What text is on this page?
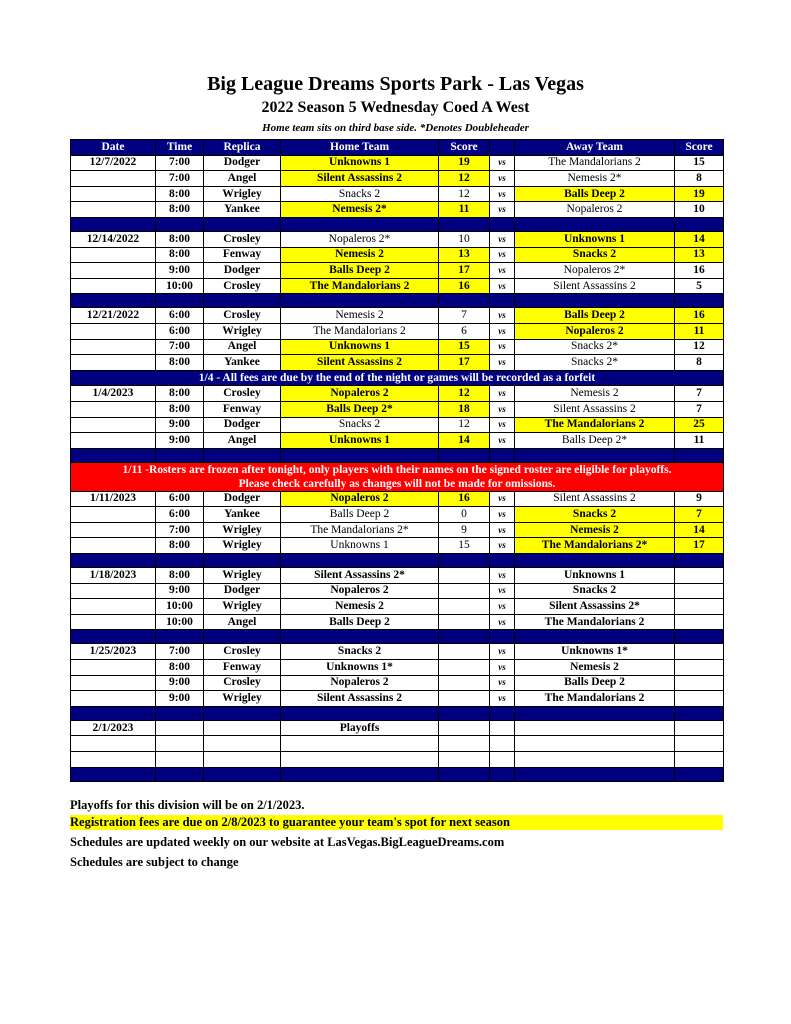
Big League Dreams Sports Park - Las Vegas
2022 Season 5 Wednesday Coed A West
Home team sits on third base side. *Denotes Doubleheader
Date	Time	Replica	Home Team	Score		Away Team	Score
12/7/2022	7:00	Dodger	Unknowns 1	19	vs	The Mandalorians 2	15
	7:00	Angel	Silent Assassins 2	12	vs	Nemesis 2*	8
	8:00	Wrigley	Snacks 2	12	vs	Balls Deep 2	19
	8:00	Yankee	Nemesis 2*	11	vs	Nopaleros 2	10

12/14/2022	8:00	Crosley	Nopaleros 2*	10	vs	Unknowns 1	14
	8:00	Fenway	Nemesis 2	13	vs	Snacks 2	13
	9:00	Dodger	Balls Deep 2	17	vs	Nopaleros 2*	16
	10:00	Crosley	The Mandalorians 2	16	vs	Silent Assassins 2	5

12/21/2022	6:00	Crosley	Nemesis 2	7	vs	Balls Deep 2	16
	6:00	Wrigley	The Mandalorians 2	6	vs	Nopaleros 2	11
	7:00	Angel	Unknowns 1	15	vs	Snacks 2*	12
	8:00	Yankee	Silent Assassins 2	17	vs	Snacks 2*	8
1/4 - All fees are due by the end of the night or games will be recorded as a forfeit							
1/4/2023	8:00	Crosley	Nopaleros 2	12	vs	Nemesis 2	7
	8:00	Fenway	Balls Deep 2*	18	vs	Silent Assassins 2	7
	9:00	Dodger	Snacks 2	12	vs	The Mandalorians 2	25
	9:00	Angel	Unknowns 1	14	vs	Balls Deep 2*	11

1/11 -Rosters are frozen after tonight, only players with their names on the signed roster are eligible for playoffs.
Please check carefully as changes will not be made for omissions.							

1/11/2023	6:00	Dodger	Nopaleros 2	16	vs	Silent Assassins 2	9
	6:00	Yankee	Balls Deep 2	0	vs	Snacks 2	7
	7:00	Wrigley	The Mandalorians 2*	9	vs	Nemesis 2	14
	8:00	Wrigley	Unknowns 1	15	vs	The Mandalorians 2*	17

1/18/2023	8:00	Wrigley	Silent Assassins 2*		vs	Unknowns 1	
	9:00	Dodger	Nopaleros 2		vs	Snacks 2	
	10:00	Wrigley	Nemesis 2		vs	Silent Assassins 2*	
	10:00	Angel	Balls Deep 2		vs	The Mandalorians 2	

1/25/2023	7:00	Crosley	Snacks 2		vs	Unknowns 1*	
	8:00	Fenway	Unknowns 1*		vs	Nemesis 2	
	9:00	Crosley	Nopaleros 2		vs	Balls Deep 2	
	9:00	Wrigley	Silent Assassins 2		vs	The Mandalorians 2	

2/1/2023			Playoffs				

Playoffs for this division will be on 2/1/2023.
Registration fees are due on 2/8/2023 to guarantee your team's spot for next season
Schedules are updated weekly on our website at LasVegas.BigLeagueDreams.com
Schedules are subject to change
